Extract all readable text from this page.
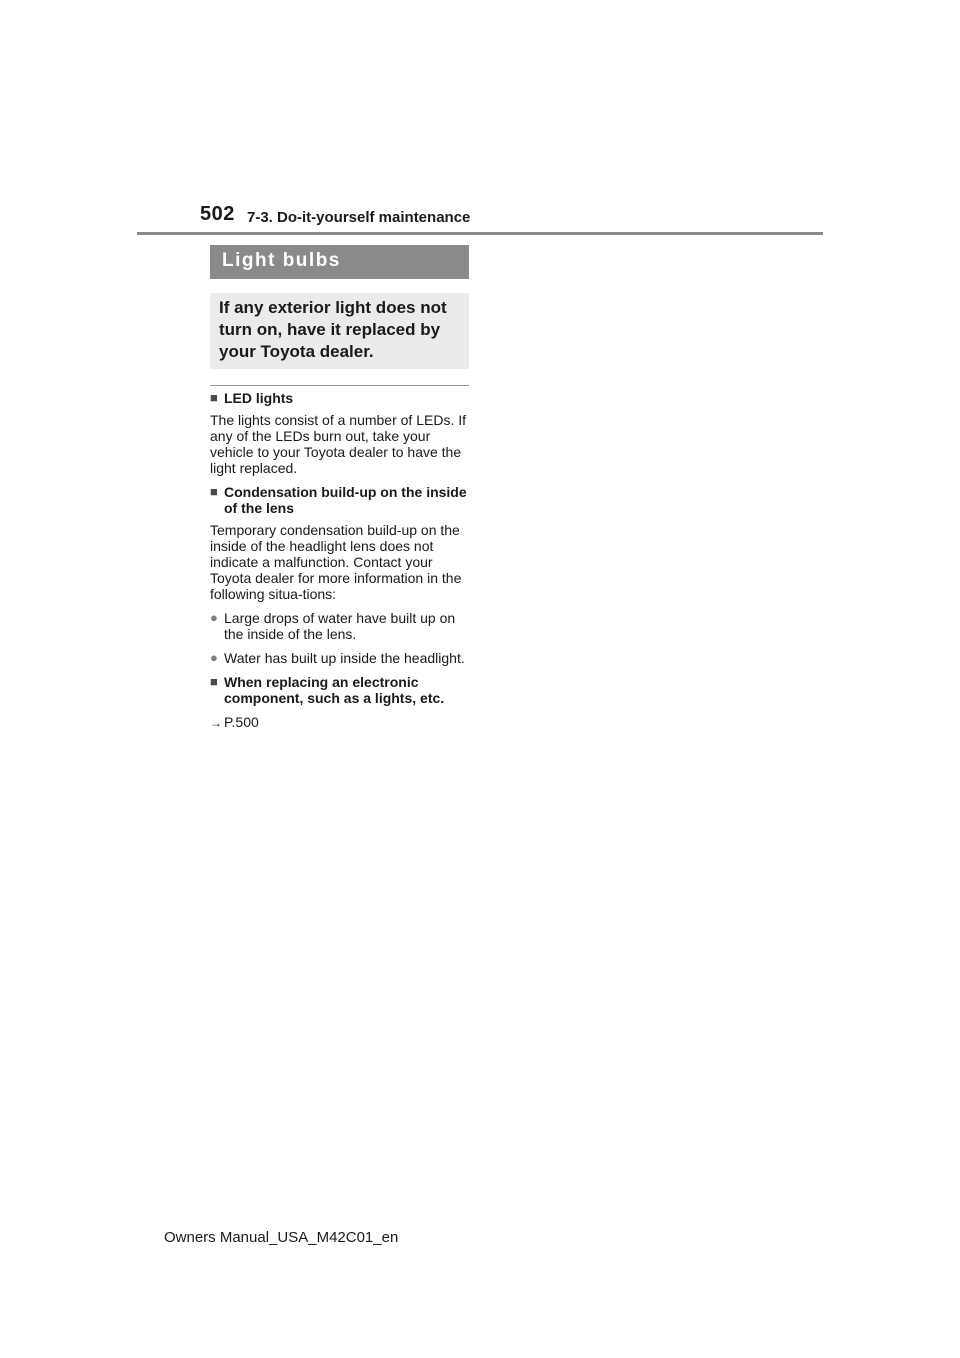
502 7-3. Do-it-yourself maintenance
Light bulbs
If any exterior light does not turn on, have it replaced by your Toyota dealer.

■ LED lights

The lights consist of a number of LEDs. If any of the LEDs burn out, take your vehicle to your Toyota dealer to have the light replaced.

■ Condensation build-up on the inside of the lens

Temporary condensation build-up on the inside of the headlight lens does not indicate a malfunction. Contact your Toyota dealer for more information in the following situa-tions:

● Large drops of water have built up on the inside of the lens.

● Water has built up inside the headlight.

■ When replacing an electronic component, such as a lights, etc.

→ P.500

Owners Manual_USA_M42C01_en
